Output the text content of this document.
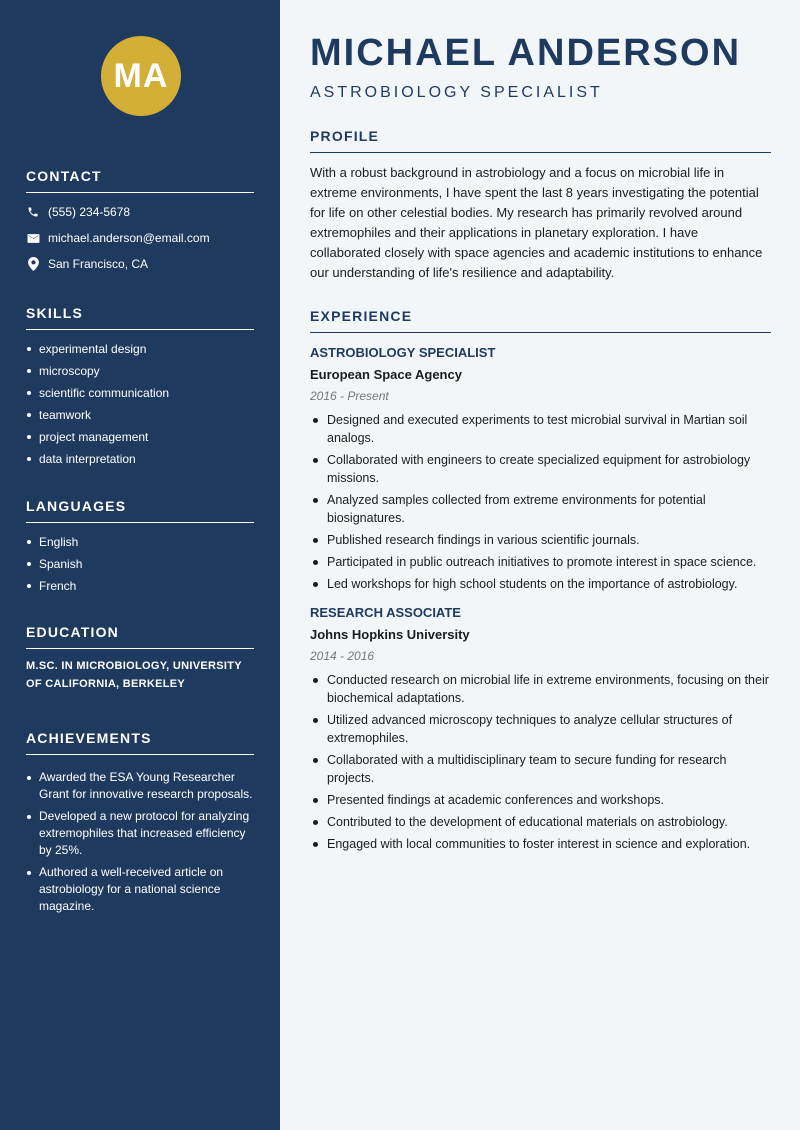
MA
CONTACT
(555) 234-5678
michael.anderson@email.com
San Francisco, CA
SKILLS
experimental design
microscopy
scientific communication
teamwork
project management
data interpretation
LANGUAGES
English
Spanish
French
EDUCATION
M.SC. IN MICROBIOLOGY, UNIVERSITY OF CALIFORNIA, BERKELEY
ACHIEVEMENTS
Awarded the ESA Young Researcher Grant for innovative research proposals.
Developed a new protocol for analyzing extremophiles that increased efficiency by 25%.
Authored a well-received article on astrobiology for a national science magazine.
MICHAEL ANDERSON
ASTROBIOLOGY SPECIALIST
PROFILE

With a robust background in astrobiology and a focus on microbial life in extreme environments, I have spent the last 8 years investigating the potential for life on other celestial bodies. My research has primarily revolved around extremophiles and their applications in planetary exploration. I have collaborated closely with space agencies and academic institutions to enhance our understanding of life's resilience and adaptability.

EXPERIENCE
ASTROBIOLOGY SPECIALIST
European Space Agency
2016 - Present
Designed and executed experiments to test microbial survival in Martian soil analogs.
Collaborated with engineers to create specialized equipment for astrobiology missions.
Analyzed samples collected from extreme environments for potential biosignatures.
Published research findings in various scientific journals.
Participated in public outreach initiatives to promote interest in space science.
Led workshops for high school students on the importance of astrobiology.
RESEARCH ASSOCIATE
Johns Hopkins University
2014 - 2016
Conducted research on microbial life in extreme environments, focusing on their biochemical adaptations.
Utilized advanced microscopy techniques to analyze cellular structures of extremophiles.
Collaborated with a multidisciplinary team to secure funding for research projects.
Presented findings at academic conferences and workshops.
Contributed to the development of educational materials on astrobiology.
Engaged with local communities to foster interest in science and exploration.
